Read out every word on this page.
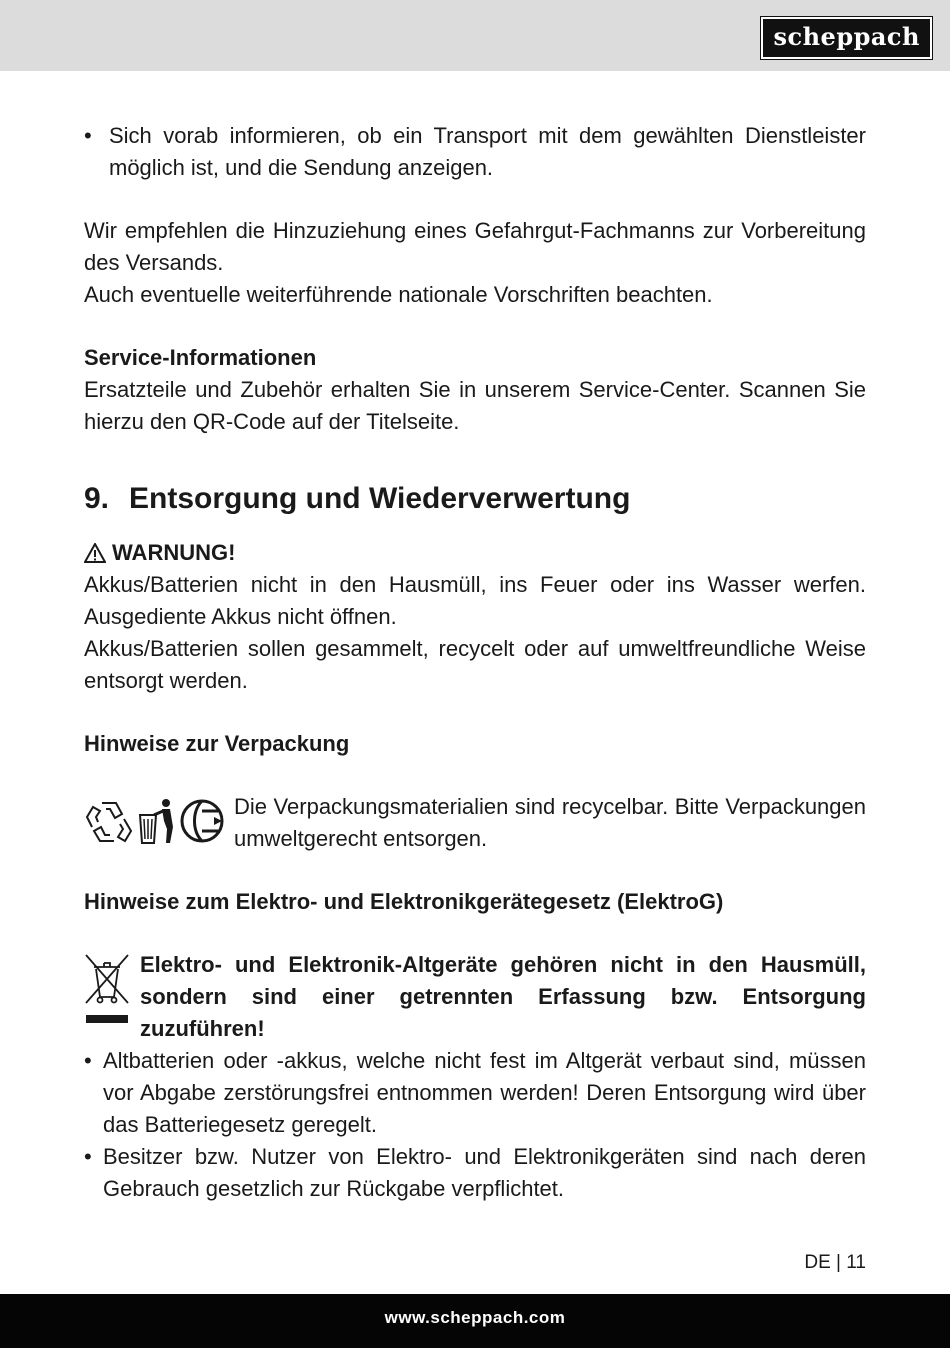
scheppach

• Sich vorab informieren, ob ein Transport mit dem gewählten Dienstleister möglich ist, und die Sendung anzeigen.

Wir empfehlen die Hinzuziehung eines Gefahrgut-Fachmanns zur Vorbereitung des Versands.

Auch eventuelle weiterführende nationale Vorschriften beachten.

Service-Informationen

Ersatzteile und Zubehör erhalten Sie in unserem Service-Center. Scannen Sie hierzu den QR-Code auf der Titelseite.

9. Entsorgung und Wiederverwertung

WARNUNG!

Akkus/Batterien nicht in den Hausmüll, ins Feuer oder ins Wasser werfen. Ausgediente Akkus nicht öffnen.

Akkus/Batterien sollen gesammelt, recycelt oder auf umweltfreundliche Weise entsorgt werden.

Hinweise zur Verpackung

Die Verpackungsmaterialien sind recycelbar. Bitte Verpackungen umweltgerecht entsorgen.

Hinweise zum Elektro- und Elektronikgerätegesetz (ElektroG)

Elektro- und Elektronik-Altgeräte gehören nicht in den Hausmüll, sondern sind einer getrennten Erfassung bzw. Entsorgung zuzuführen!

• Altbatterien oder -akkus, welche nicht fest im Altgerät verbaut sind, müssen vor Abgabe zerstörungsfrei entnommen werden! Deren Entsorgung wird über das Batteriegesetz geregelt.

• Besitzer bzw. Nutzer von Elektro- und Elektronikgeräten sind nach deren Gebrauch gesetzlich zur Rückgabe verpflichtet.

DE | 11
www.scheppach.com
